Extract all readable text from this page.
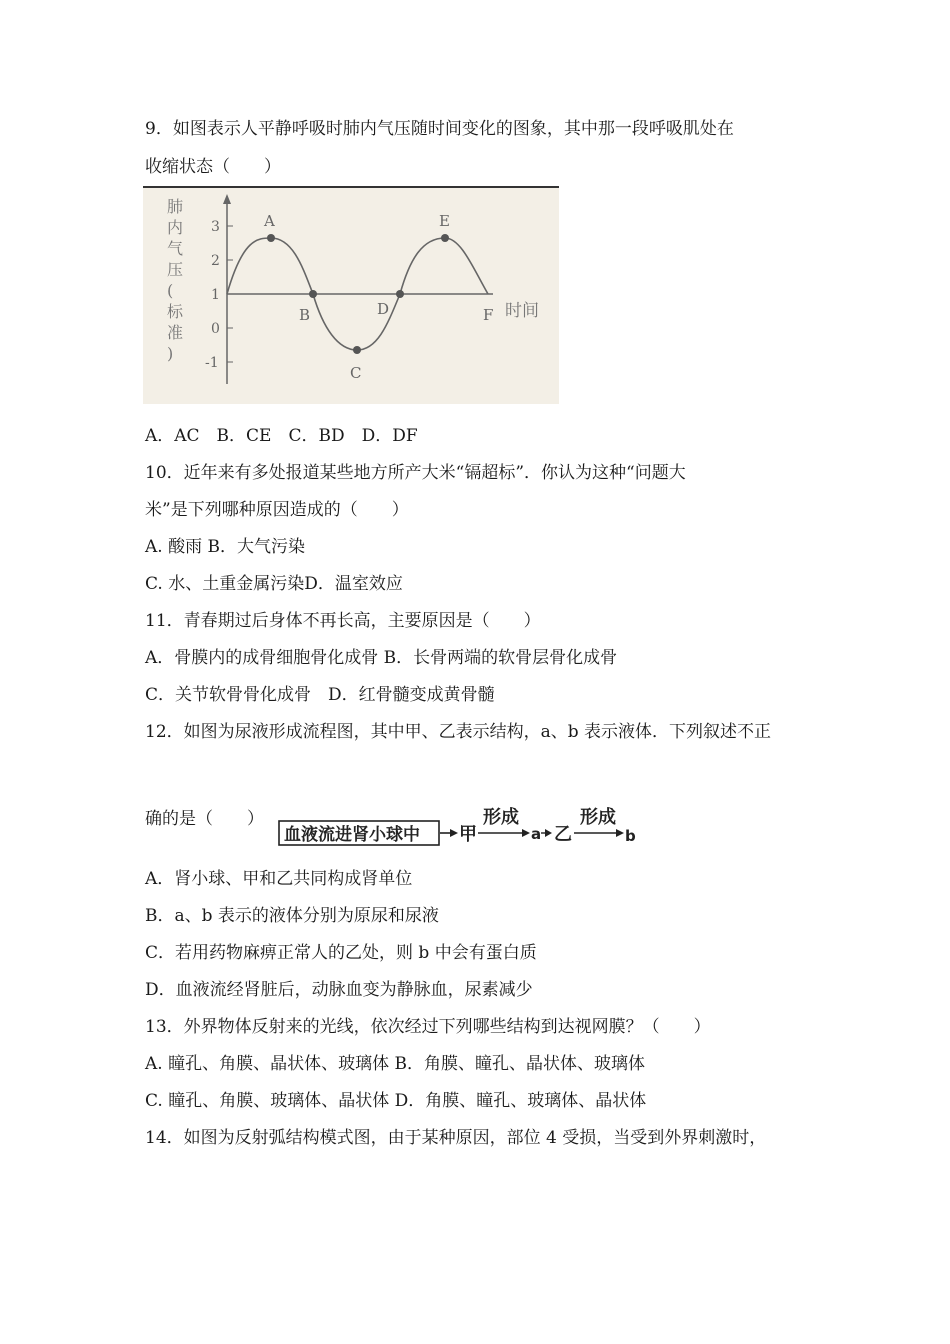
9．如图表示人平静呼吸时肺内气压随时间变化的图象，其中那一段呼吸肌处在
收缩状态（　　）
肺内气压(标准)
3
2
1
0
-1
A
B
C
D
E
F 时间
A．AC　B．CE　C．BD　D．DF
10．近年来有多处报道某些地方所产大米“镉超标”．你认为这种“问题大
米”是下列哪种原因造成的（　　）
A. 酸雨 B．大气污染
C. 水、土重金属污染D．温室效应
11．青春期过后身体不再长高，主要原因是（　　）
A．骨膜内的成骨细胞骨化成骨 B．长骨两端的软骨层骨化成骨
C．关节软骨骨化成骨　D．红骨髓变成黄骨髓
12．如图为尿液形成流程图，其中甲、乙表示结构，a、b 表示液体．下列叙述不正
确的是（　　）
血液流进肾小球中 甲
形成
a 乙
形成
b
A．肾小球、甲和乙共同构成肾单位
B．a、b 表示的液体分别为原尿和尿液
C．若用药物麻痹正常人的乙处，则 b 中会有蛋白质
D．血液流经肾脏后，动脉血变为静脉血，尿素减少
13．外界物体反射来的光线，依次经过下列哪些结构到达视网膜？（　　）
A. 瞳孔、角膜、晶状体、玻璃体 B．角膜、瞳孔、晶状体、玻璃体
C. 瞳孔、角膜、玻璃体、晶状体 D．角膜、瞳孔、玻璃体、晶状体
14．如图为反射弧结构模式图，由于某种原因，部位 4 受损，当受到外界刺激时，
